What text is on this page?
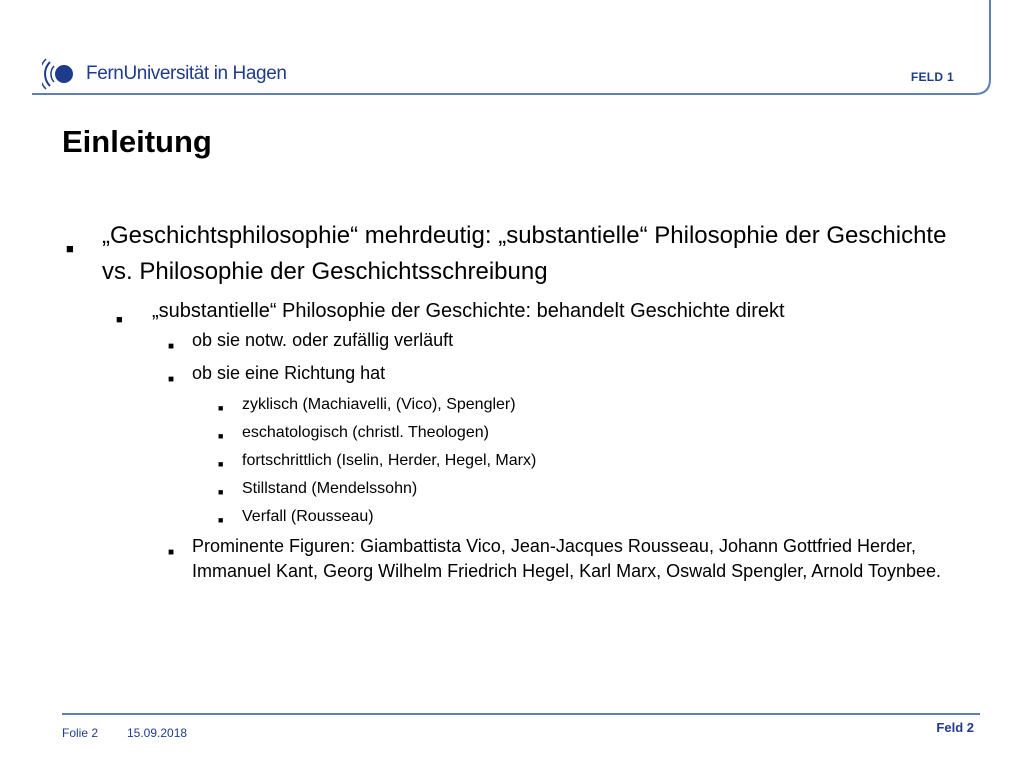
FernUniversität in Hagen	FELD 1
Einleitung
■ „Geschichtsphilosophie“ mehrdeutig: „substantielle“ Philosophie der Geschichte vs. Philosophie der Geschichtsschreibung
■ „substantielle“ Philosophie der Geschichte: behandelt Geschichte direkt
■ ob sie notw. oder zufällig verläuft
■ ob sie eine Richtung hat
■ zyklisch (Machiavelli, (Vico), Spengler)
■ eschatologisch (christl. Theologen)
■ fortschrittlich (Iselin, Herder, Hegel, Marx)
■ Stillstand (Mendelssohn)
■ Verfall (Rousseau)
■ Prominente Figuren: Giambattista Vico, Jean-Jacques Rousseau, Johann Gottfried Herder, Immanuel Kant, Georg Wilhelm Friedrich Hegel, Karl Marx, Oswald Spengler, Arnold Toynbee.
Folie 2 15.09.2018	Feld 2
